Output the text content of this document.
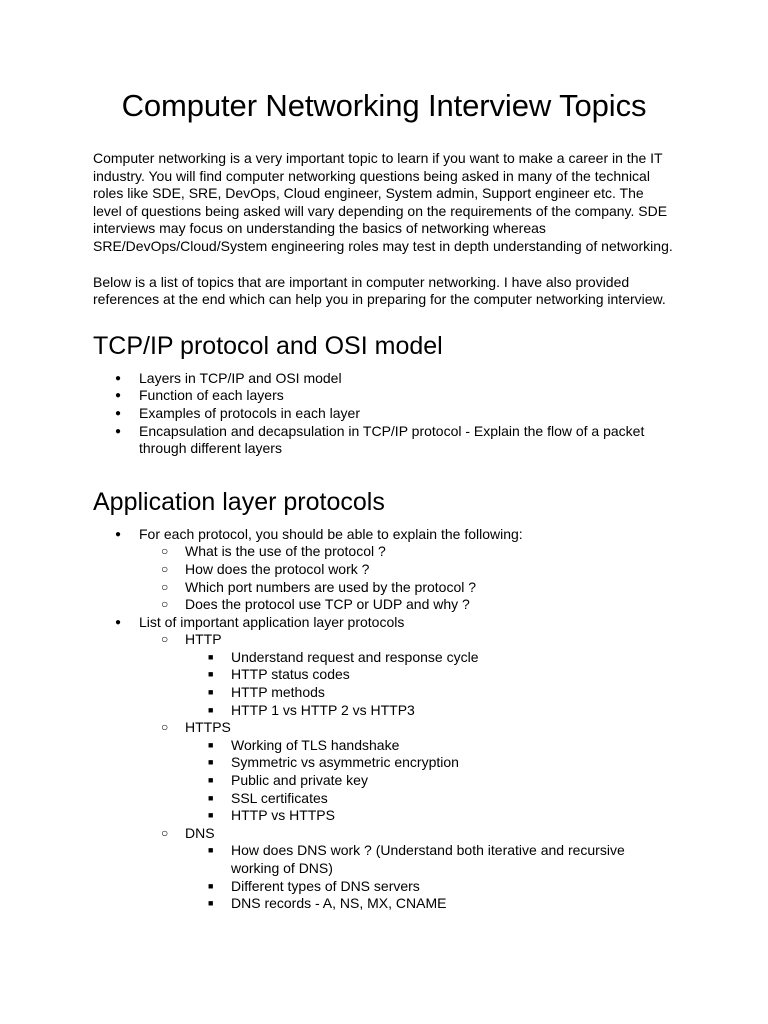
Computer Networking Interview Topics

Computer networking is a very important topic to learn if you want to make a career in the IT industry. You will find computer networking questions being asked in many of the technical roles like SDE, SRE, DevOps, Cloud engineer, System admin, Support engineer etc. The level of questions being asked will vary depending on the requirements of the company. SDE interviews may focus on understanding the basics of networking whereas SRE/DevOps/Cloud/System engineering roles may test in depth understanding of networking.

Below is a list of topics that are important in computer networking. I have also provided references at the end which can help you in preparing for the computer networking interview.

TCP/IP protocol and OSI model
● Layers in TCP/IP and OSI model
● Function of each layers
● Examples of protocols in each layer
● Encapsulation and decapsulation in TCP/IP protocol - Explain the flow of a packet through different layers
Application layer protocols
● For each protocol, you should be able to explain the following:
○ What is the use of the protocol ?
○ How does the protocol work ?
○ Which port numbers are used by the protocol ?
○ Does the protocol use TCP or UDP and why ?
● List of important application layer protocols
○ HTTP
■ Understand request and response cycle
■ HTTP status codes
■ HTTP methods
■ HTTP 1 vs HTTP 2 vs HTTP3
○ HTTPS
■ Working of TLS handshake
■ Symmetric vs asymmetric encryption
■ Public and private key
■ SSL certificates
■ HTTP vs HTTPS
○ DNS
■ How does DNS work ? (Understand both iterative and recursive working of DNS)
■ Different types of DNS servers
■ DNS records - A, NS, MX, CNAME
